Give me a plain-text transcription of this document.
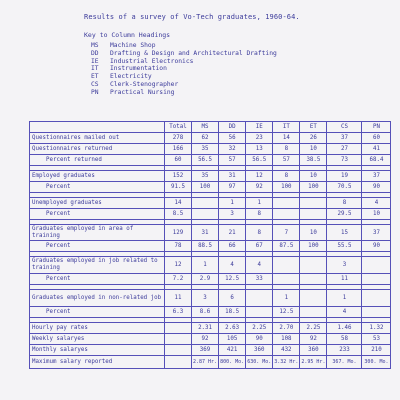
Results of a survey of Vo-Tech graduates, 1960-64.
Key to Column Headings
MS	Machine Shop
DD	Drafting & Design and Architectural Drafting
IE	Industrial Electronics
IT	Instrumentation
ET	Electricity
CS	Clerk-Stenographer
PN	Practical Nursing
	Total	MS	DD	IE	IT	ET	CS	PN
Questionnaires mailed out	278	62	56	23	14	26	37	60
Questionnaires returned	166	35	32	13	8	10	27	41
Percent returned	60	56.5	57	56.5	57	38.5	73	68.4

Employed graduates	152	35	31	12	8	10	19	37
Percent	91.5	100	97	92	100	100	70.5	90

Unemployed graduates	14		1	1			8	4
Percent	8.5		3	8			29.5	10

Graduates employed in area of training	129	31	21	8	7	10	15	37
Percent	78	88.5	66	67	87.5	100	55.5	90

Graduates employed in job related to training	12	1	4	4			3	
Percent	7.2	2.9	12.5	33			11	

Graduates employed in non-related job	11	3	6		1		1	
Percent	6.3	8.6	18.5		12.5		4	

Hourly pay rates		2.31	2.63	2.25	2.70	2.25	1.46	1.32
Weekly salaryes		92	105	90	108	92	58	53
Monthly salaryes		369	421	360	432	360	233	210
Maximum salary reported		2.87 Hr.	800. Mo.	630. Mo.	3.32 Hr.	2.95 Hr.	367. Mo.	300. Mo.
